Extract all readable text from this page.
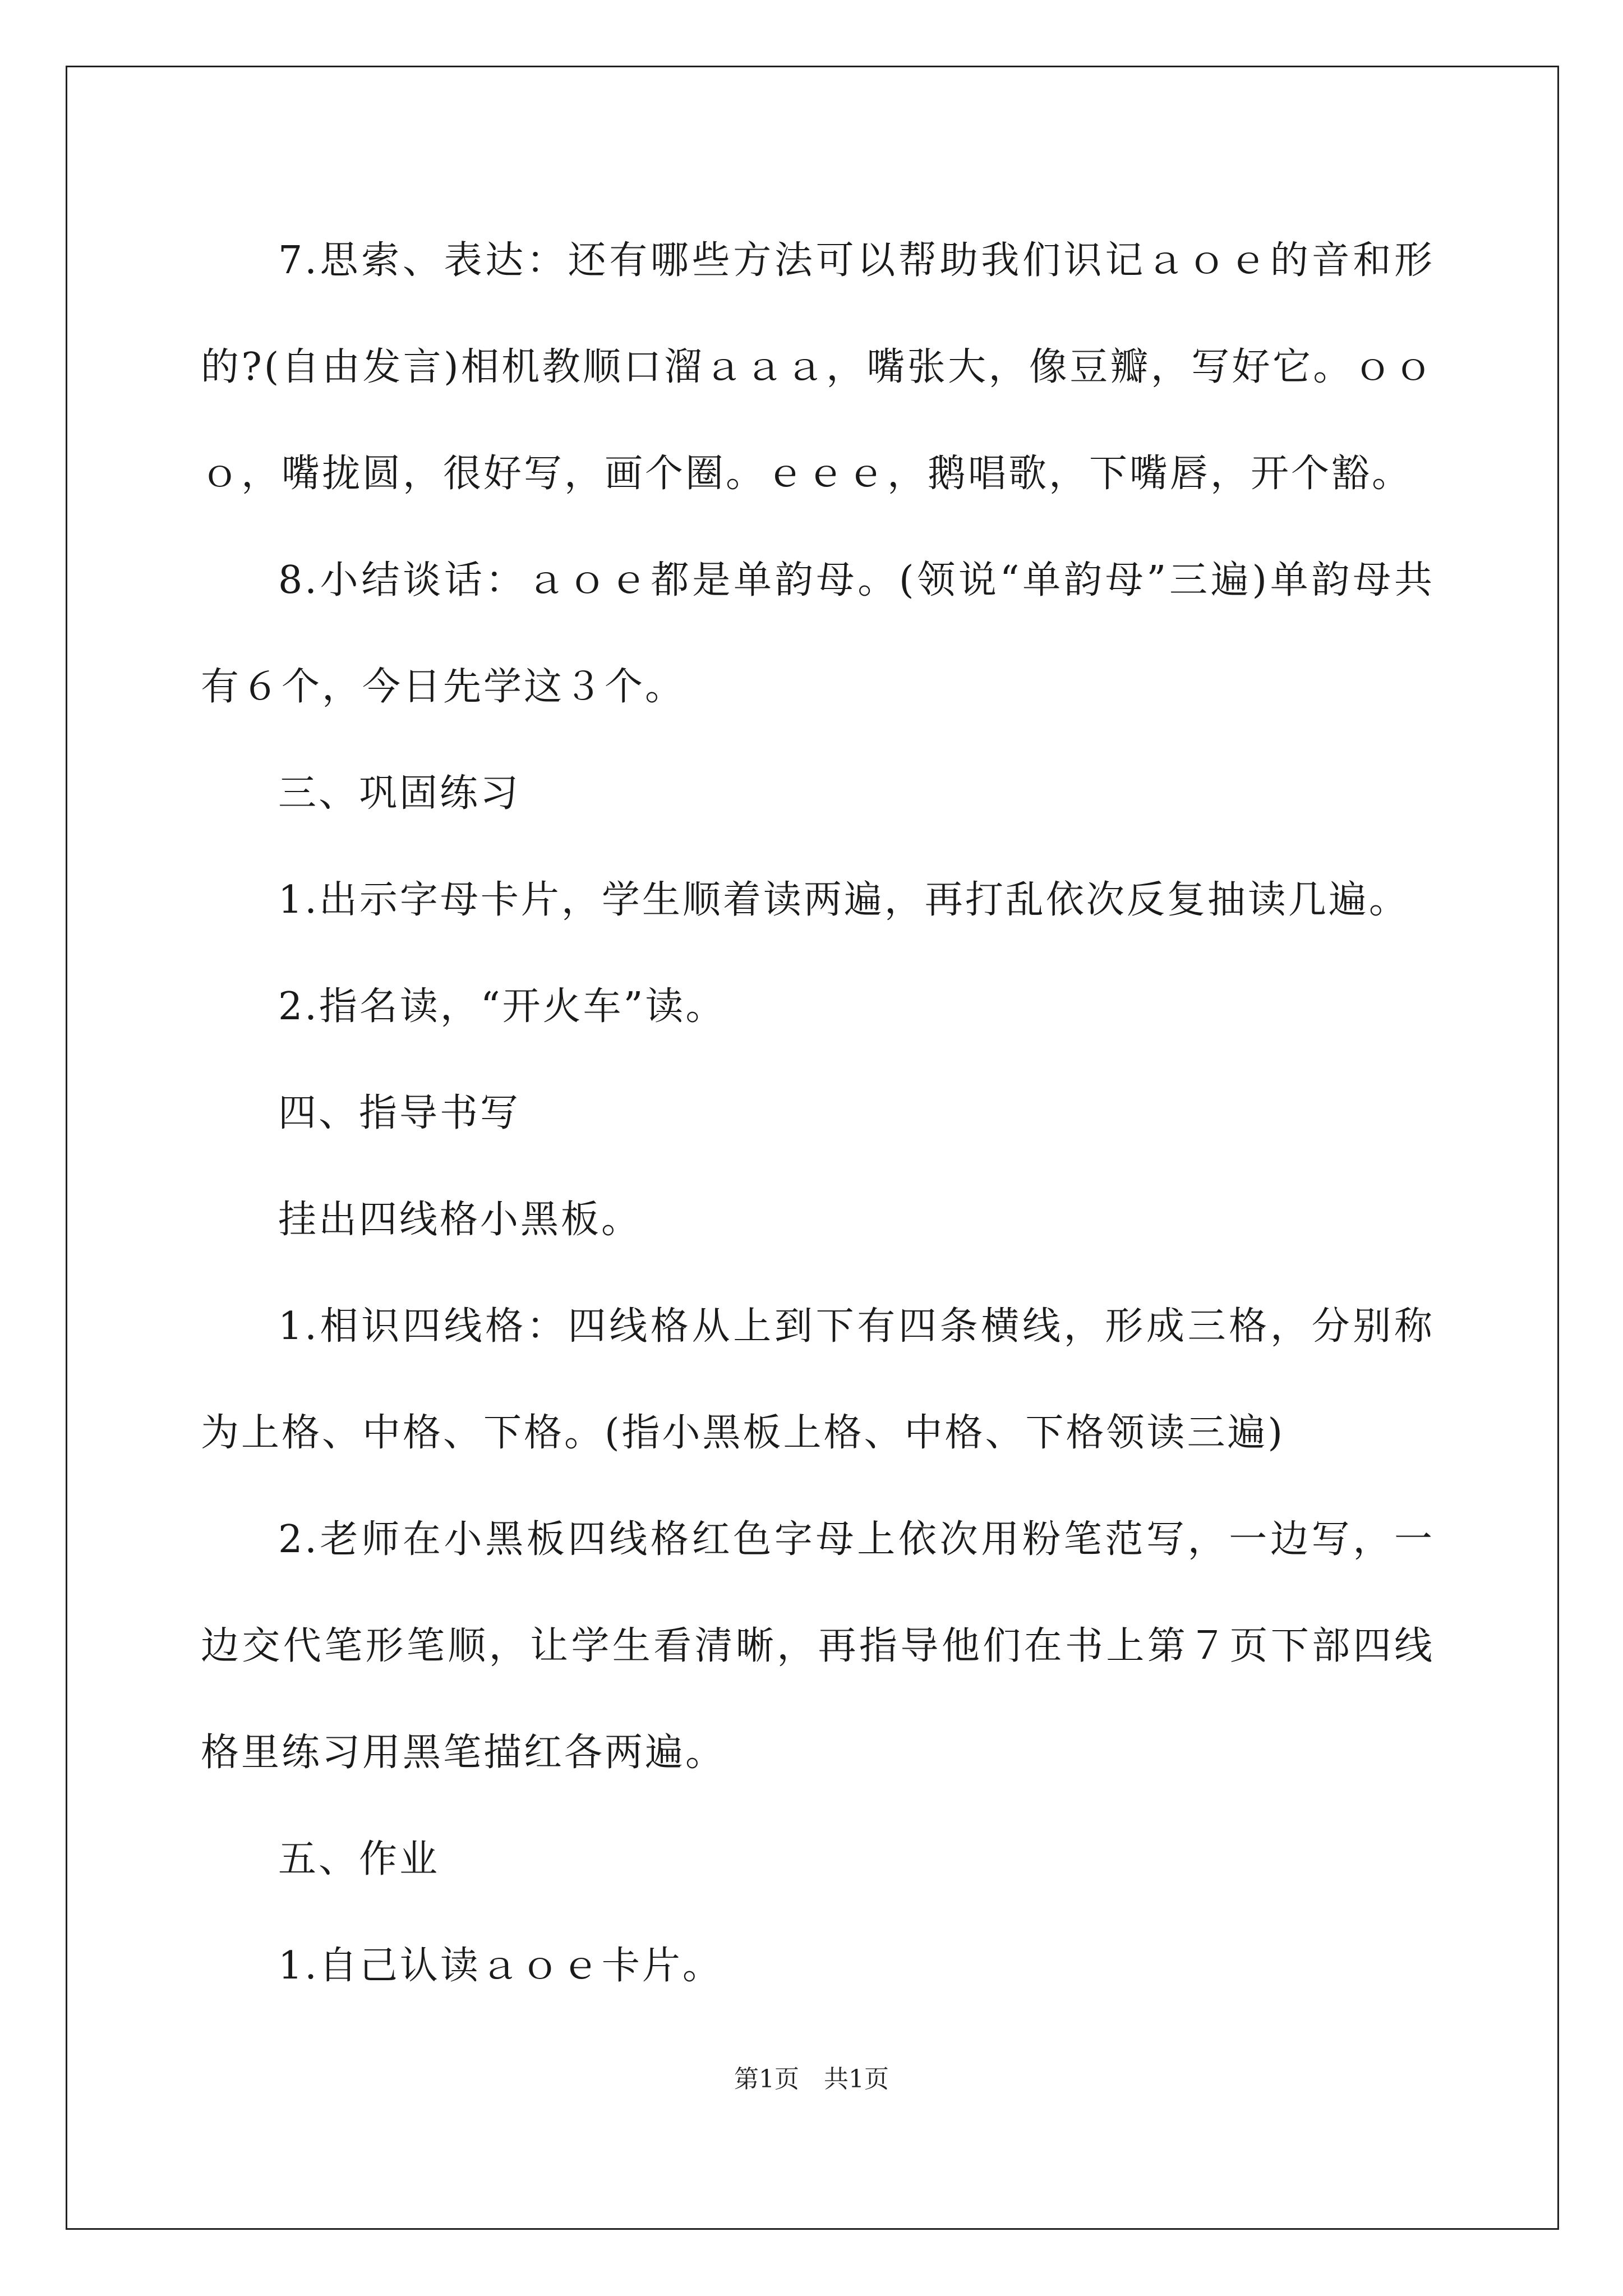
7.思索、表达：还有哪些方法可以帮助我们识记ａｏｅ的音和形的?(自由发言)相机教顺口溜ａａａ，嘴张大，像豆瓣，写好它。ｏｏｏ，嘴拢圆，很好写，画个圈。ｅｅｅ，鹅唱歌，下嘴唇，开个豁。

8.小结谈话：ａｏｅ都是单韵母。(领说“单韵母”三遍)单韵母共有６个，今日先学这３个。

三、巩固练习

1.出示字母卡片，学生顺着读两遍，再打乱依次反复抽读几遍。

2.指名读，“开火车”读。

四、指导书写

挂出四线格小黑板。

1.相识四线格：四线格从上到下有四条横线，形成三格，分别称为上格、中格、下格。(指小黑板上格、中格、下格领读三遍)

2.老师在小黑板四线格红色字母上依次用粉笔范写，一边写，一边交代笔形笔顺，让学生看清晰，再指导他们在书上第７页下部四线格里练习用黑笔描红各两遍。

五、作业

1.自己认读ａｏｅ卡片。

第1页　共1页
